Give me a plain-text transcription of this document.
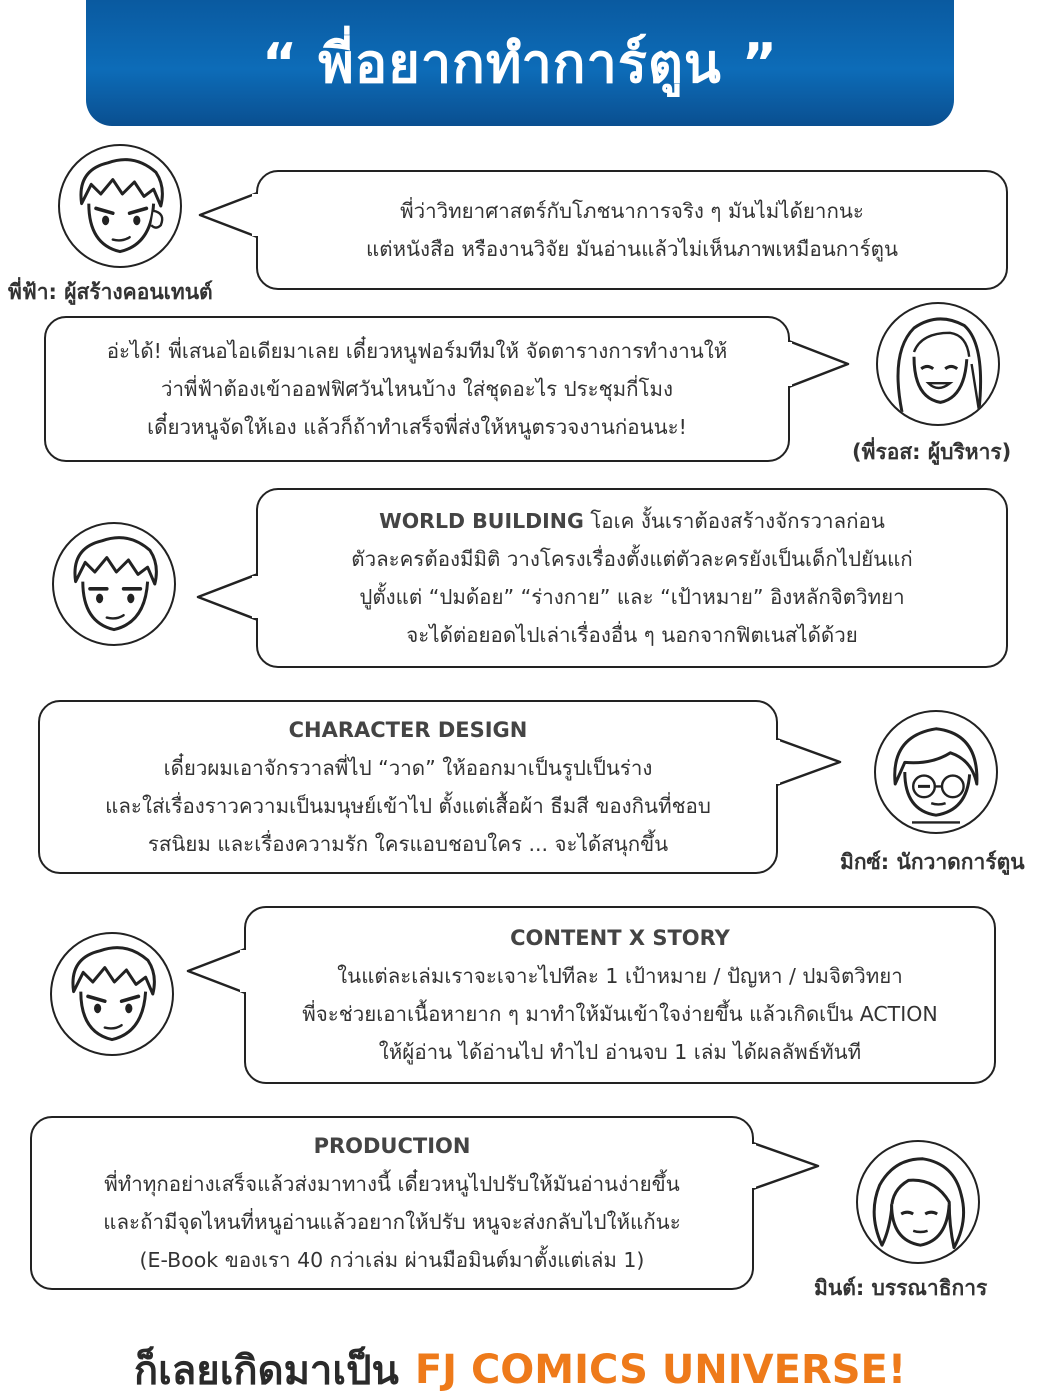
“ พี่อยากทำการ์ตูน ”
พี่ฟ้า: ผู้สร้างคอนเทนต์
พี่ว่าวิทยาศาสตร์กับโภชนาการจริง ๆ มันไม่ได้ยากนะ
แต่หนังสือ หรืองานวิจัย มันอ่านแล้วไม่เห็นภาพเหมือนการ์ตูน
(พี่รอส: ผู้บริหาร)
อ่ะได้! พี่เสนอไอเดียมาเลย เดี๋ยวหนูฟอร์มทีมให้ จัดตารางการทำงานให้
ว่าพี่ฟ้าต้องเข้าออฟฟิศวันไหนบ้าง ใส่ชุดอะไร ประชุมกี่โมง
เดี๋ยวหนูจัดให้เอง แล้วก็ถ้าทำเสร็จพี่ส่งให้หนูตรวจงานก่อนนะ!
WORLD BUILDING โอเค งั้นเราต้องสร้างจักรวาลก่อน
ตัวละครต้องมีมิติ วางโครงเรื่องตั้งแต่ตัวละครยังเป็นเด็กไปยันแก่
ปูตั้งแต่ “ปมด้อย” “ร่างกาย” และ “เป้าหมาย” อิงหลักจิตวิทยา
จะได้ต่อยอดไปเล่าเรื่องอื่น ๆ นอกจากฟิตเนสได้ด้วย
มิกซ์: นักวาดการ์ตูน
CHARACTER DESIGN
เดี๋ยวผมเอาจักรวาลพี่ไป “วาด” ให้ออกมาเป็นรูปเป็นร่าง
และใส่เรื่องราวความเป็นมนุษย์เข้าไป ตั้งแต่เสื้อผ้า ธีมสี ของกินที่ชอบ
รสนิยม และเรื่องความรัก ใครแอบชอบใคร ... จะได้สนุกขึ้น
CONTENT X STORY
ในแต่ละเล่มเราจะเจาะไปทีละ 1 เป้าหมาย / ปัญหา / ปมจิตวิทยา
พี่จะช่วยเอาเนื้อหายาก ๆ มาทำให้มันเข้าใจง่ายขึ้น แล้วเกิดเป็น ACTION
ให้ผู้อ่าน ได้อ่านไป ทำไป อ่านจบ 1 เล่ม ได้ผลลัพธ์ทันที
มินต์: บรรณาธิการ
PRODUCTION
พี่ทำทุกอย่างเสร็จแล้วส่งมาทางนี้ เดี๋ยวหนูไปปรับให้มันอ่านง่ายขึ้น
และถ้ามีจุดไหนที่หนูอ่านแล้วอยากให้ปรับ หนูจะส่งกลับไปให้แก้นะ
(E-Book ของเรา 40 กว่าเล่ม ผ่านมือมินต์มาตั้งแต่เล่ม 1)
ก็เลยเกิดมาเป็น FJ COMICS UNIVERSE!
